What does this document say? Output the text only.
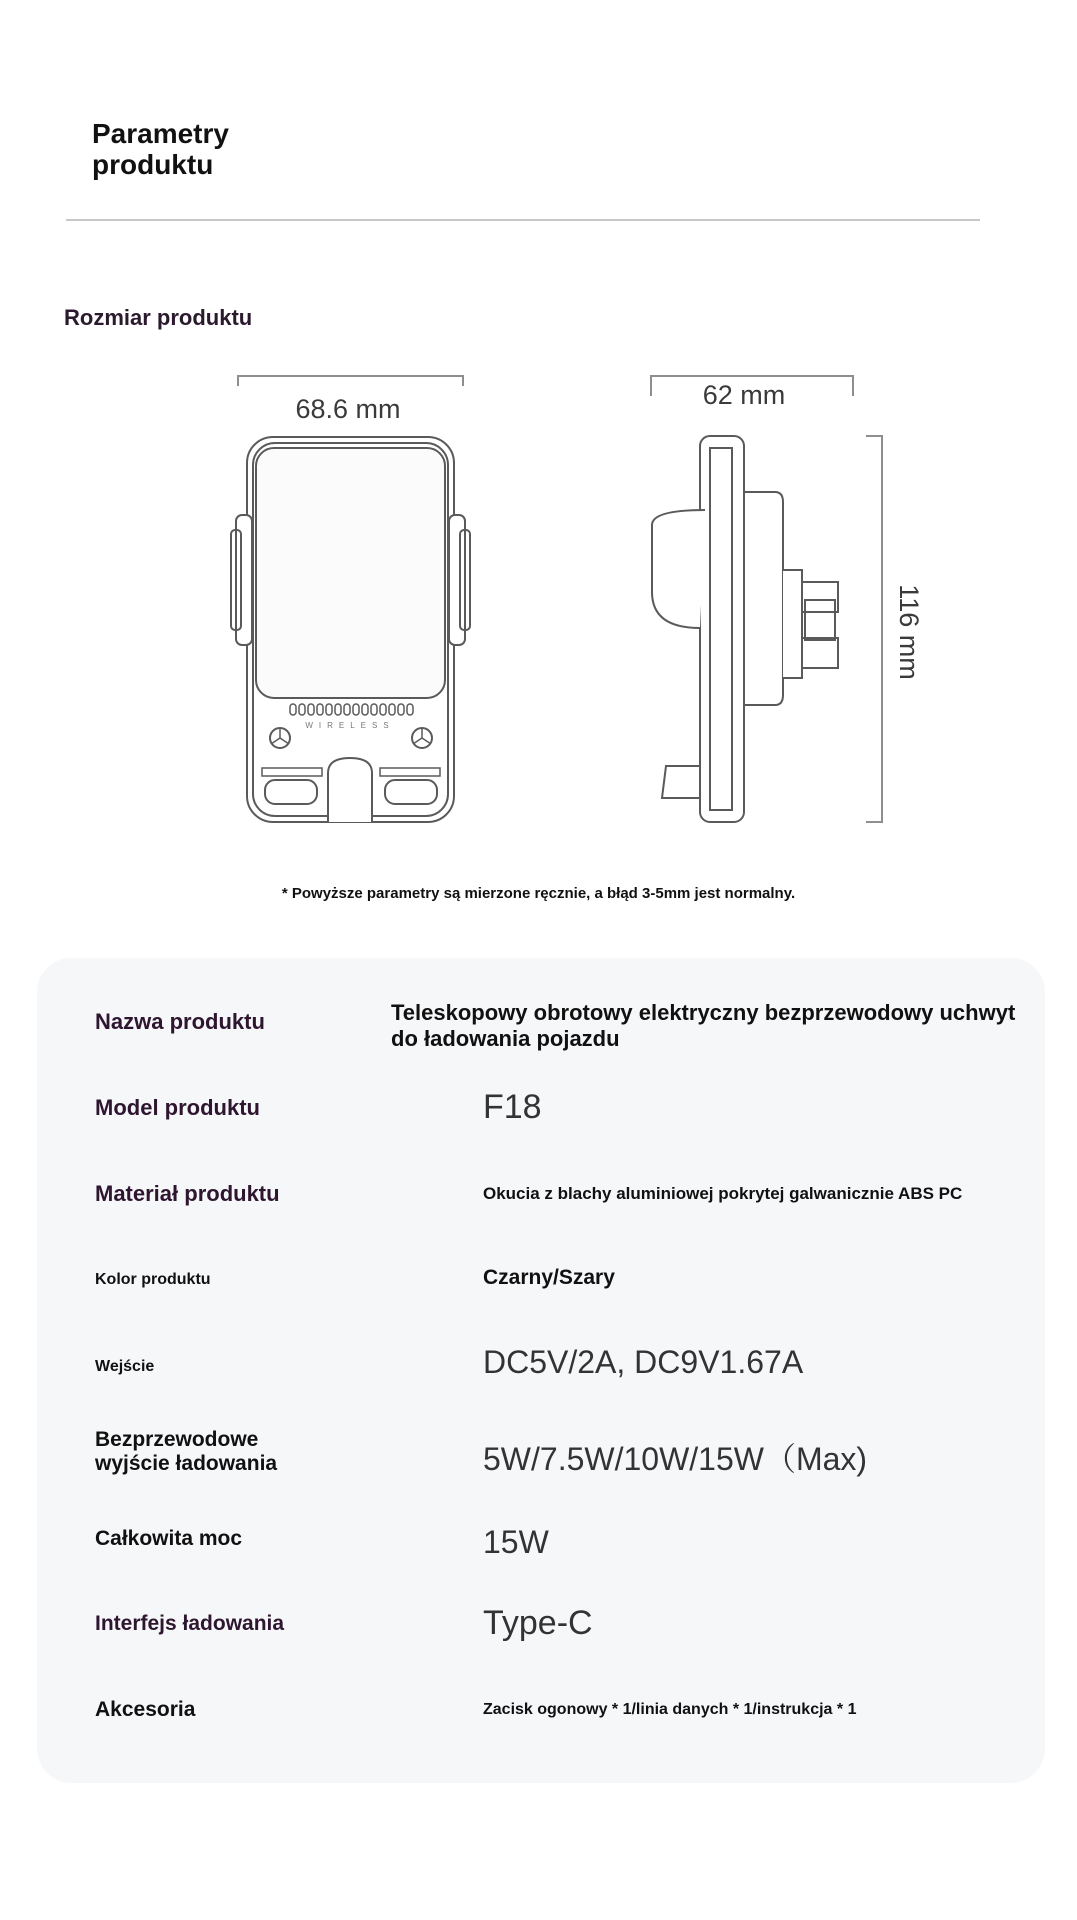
Parametry
produktu
Rozmiar produktu
68.6 mm	62 mm
116 mm
WIRELESS
* Powyższe parametry są mierzone ręcznie, a błąd 3-5mm jest normalny.
Nazwa produktu	Teleskopowy obrotowy elektryczny bezprzewodowy uchwyt
do ładowania pojazdu
Model produktu	F18
Materiał produktu	Okucia z blachy aluminiowej pokrytej galwanicznie ABS PC
Kolor produktu	Czarny/Szary
Wejście	DC5V/2A, DC9V1.67A
Bezprzewodowe
wyjście ładowania	5W/7.5W/10W/15W（Max)
Całkowita moc	15W
Interfejs ładowania	Type-C
Akcesoria	Zacisk ogonowy * 1/linia danych * 1/instrukcja * 1
